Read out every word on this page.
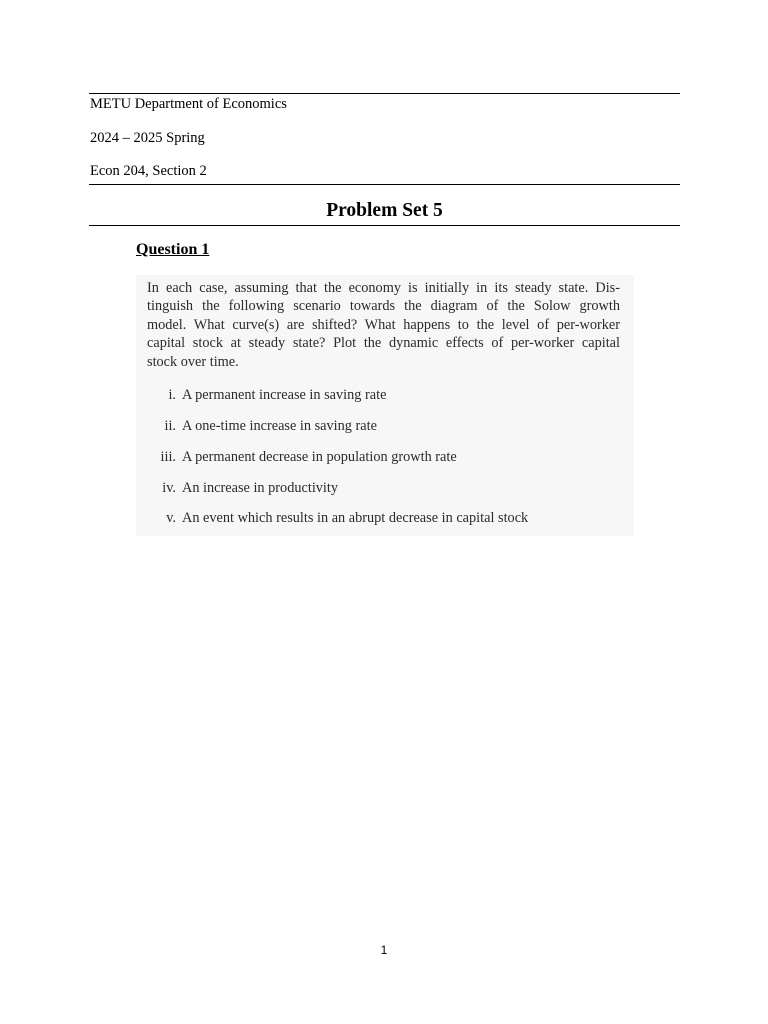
METU Department of Economics
2024 – 2025 Spring
Econ 204, Section 2
Problem Set 5
Question 1

In each case, assuming that the economy is initially in its steady state. Dis-
tinguish the following scenario towards the diagram of the Solow growth
model. What curve(s) are shifted? What happens to the level of per-worker
capital stock at steady state? Plot the dynamic effects of per-worker capital
stock over time.

i. A permanent increase in saving rate
ii. A one-time increase in saving rate
iii. A permanent decrease in population growth rate
iv. An increase in productivity
v. An event which results in an abrupt decrease in capital stock
1
